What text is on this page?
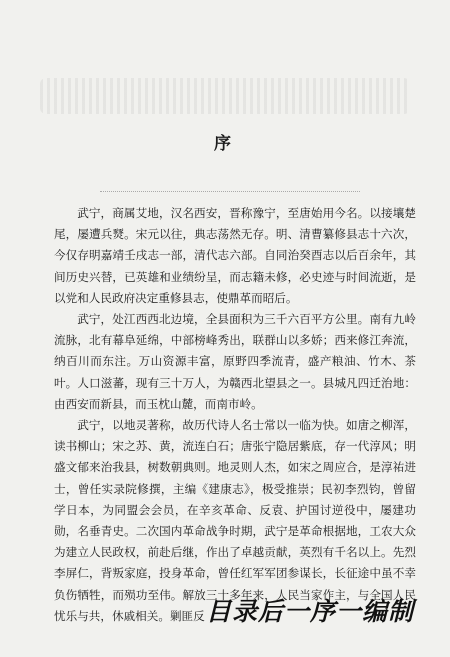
序

武宁，商属艾地，汉名西安，晋称豫宁，至唐始用今名。以接壤楚尾，屡遭兵燹。宋元以往，典志荡然无存。明、清曹纂修县志十六次，今仅存明嘉靖壬戌志一部，清代志六部。自同治癸酉志以后百余年，其间历史兴替，已英雄和业绩纷呈，而志籍未修，必史迹与时间流逝，是以党和人民政府决定重修县志，使鼎革而昭后。

武宁，处江西西北边境，全县面积为三千六百平方公里。南有九岭流脉，北有幕阜延绵，中部榜峰秀出，联群山以多娇；西来修江奔流，纳百川而东注。万山资源丰富，原野四季流青，盛产粮油、竹木、茶叶。人口滋蕃，现有三十万人，为赣西北望县之一。县城凡四迁治地：由西安而新县，而玉枕山麓，而南市岭。

武宁，以地灵著称，故历代诗人名士常以一临为快。如唐之柳浑，读书柳山；宋之苏、黄，流连白石；唐张宁隐居紫底，存一代淳风；明盛文郁来治我县，树数朝典则。地灵则人杰，如宋之周应合，是淳祐进士，曾任实录院修撰，主编《建康志》，极受推崇；民初李烈钧，曾留学日本，为同盟会会员，在辛亥革命、反袁、护国讨逆役中，屡建功勋，名垂青史。二次国内革命战争时期，武宁是革命根据地，工农大众为建立人民政权，前赴后继，作出了卓越贡献，英烈有千名以上。先烈李屏仁，背叛家庭，投身革命，曾任红军军团参谋长，长征途中虽不幸负伤牺牲，而殒功至伟。解放三十多年来，人民当家作主，与全国人民忧乐与共，休戚相关。剿匪反 目录后一序一编制
